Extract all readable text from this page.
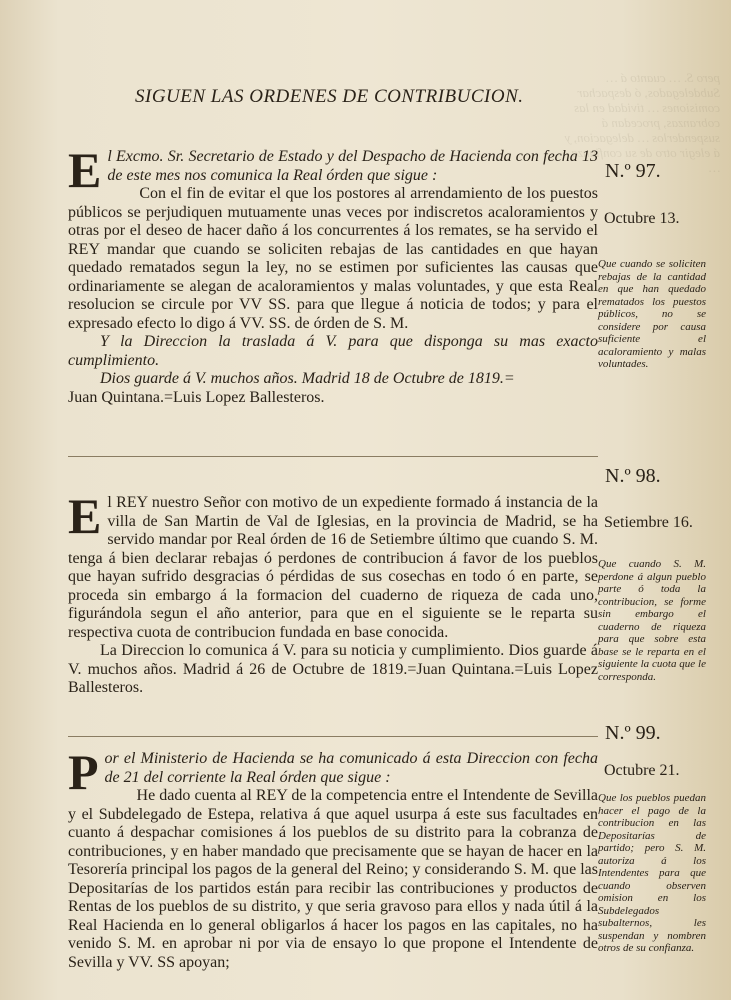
pero S. … cuanto á … Subdelegados, ó despachar comisiones … tividad en las cobranzas, procedan á suspenderlos … delegacion, y á elegir otro de su confianza …
SIGUEN LAS ORDENES DE CONTRIBUCION.
N.º 97.
Octubre 13.
Que cuando se soliciten rebajas de la cantidad en que han quedado rematados los puestos públicos, no se considere por causa suficiente el acaloramiento y malas voluntades.
E l Excmo. Sr. Secretario de Estado y del Despacho de Hacienda con fecha 13 de este mes nos comunica la Real órden que sigue :

Con el fin de evitar el que los postores al arrendamiento de los puestos públicos se perjudiquen mutuamente unas veces por indiscretos acaloramientos y otras por el deseo de hacer daño á los concurrentes á los remates, se ha servido el REY mandar que cuando se soliciten rebajas de las cantidades en que hayan quedado rematados segun la ley, no se estimen por suficientes las causas que ordinariamente se alegan de acaloramientos y malas voluntades, y que esta Real resolucion se circule por VV SS. para que llegue á noticia de todos; y para el expresado efecto lo digo á VV. SS. de órden de S. M.

Y la Direccion la traslada á V. para que disponga su mas exacto cumplimiento.

Dios guarde á V. muchos años. Madrid 18 de Octubre de 1819.=

Juan Quintana.=Luis Lopez Ballesteros.

N.º 98.
Setiembre 16.
Que cuando S. M. perdone á algun pueblo parte ó toda la contribucion, se forme sin embargo el cuaderno de riqueza para que sobre esta base se le reparta en el siguiente la cuota que le corresponda.
E l REY nuestro Señor con motivo de un expediente formado á instancia de la villa de San Martin de Val de Iglesias, en la provincia de Madrid, se ha servido mandar por Real órden de 16 de Setiembre último que cuando S. M. tenga á bien declarar rebajas ó perdones de contribucion á favor de los pueblos que hayan sufrido desgracias ó pérdidas de sus cosechas en todo ó en parte, se proceda sin embargo á la formacion del cuaderno de riqueza de cada uno, figurándola segun el año anterior, para que en el siguiente se le reparta su respectiva cuota de contribucion fundada en base conocida.

La Direccion lo comunica á V. para su noticia y cumplimiento. Dios guarde á V. muchos años. Madrid á 26 de Octubre de 1819.=Juan Quintana.=Luis Lopez Ballesteros.

N.º 99.
Octubre 21.
Que los pueblos puedan hacer el pago de la contribucion en las Depositarías de partido; pero S. M. autoriza á los Intendentes para que cuando observen omision en los Subdelegados subalternos, les suspendan y nombren otros de su confianza.
P or el Ministerio de Hacienda se ha comunicado á esta Direccion con fecha de 21 del corriente la Real órden que sigue :

He dado cuenta al REY de la competencia entre el Intendente de Sevilla y el Subdelegado de Estepa, relativa á que aquel usurpa á este sus facultades en cuanto á despachar comisiones á los pueblos de su distrito para la cobranza de contribuciones, y en haber mandado que precisamente que se hayan de hacer en la Tesorería principal los pagos de la general del Reino; y considerando S. M. que las Depositarías de los partidos están para recibir las contribuciones y productos de Rentas de los pueblos de su distrito, y que seria gravoso para ellos y nada útil á la Real Hacienda en lo general obligarlos á hacer los pagos en las capitales, no ha venido S. M. en aprobar ni por via de ensayo lo que propone el Intendente de Sevilla y VV. SS apoyan;
